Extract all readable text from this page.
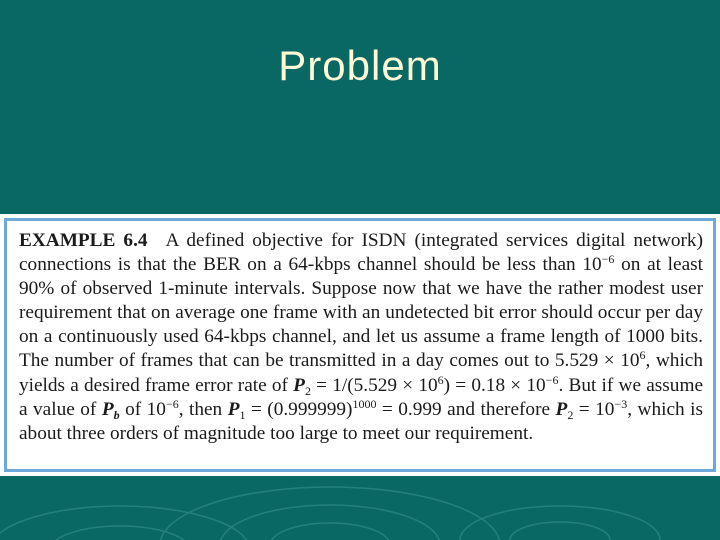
Problem
EXAMPLE 6.4 A defined objective for ISDN (integrated services digital network) connections is that the BER on a 64-kbps channel should be less than $10^{-6}$ on at least 90% of observed 1-minute intervals. Suppose now that we have the rather modest user requirement that on average one frame with an undetected bit error should occur per day on a continuously used 64-kbps channel, and let us assume a frame length of 1000 bits. The number of frames that can be transmitted in a day comes out to $5.529 \times 10^6$, which yields a desired frame error rate of $P_2 = 1/(5.529 \times 10^6) = 0.18 \times 10^{-6}$. But if we assume a value of $P_b$ of $10^{-6}$, then $P_1 = (0.999999)^{1000} = 0.999$ and therefore $P_2 = 10^{-3}$, which is about three orders of magnitude too large to meet our requirement.
